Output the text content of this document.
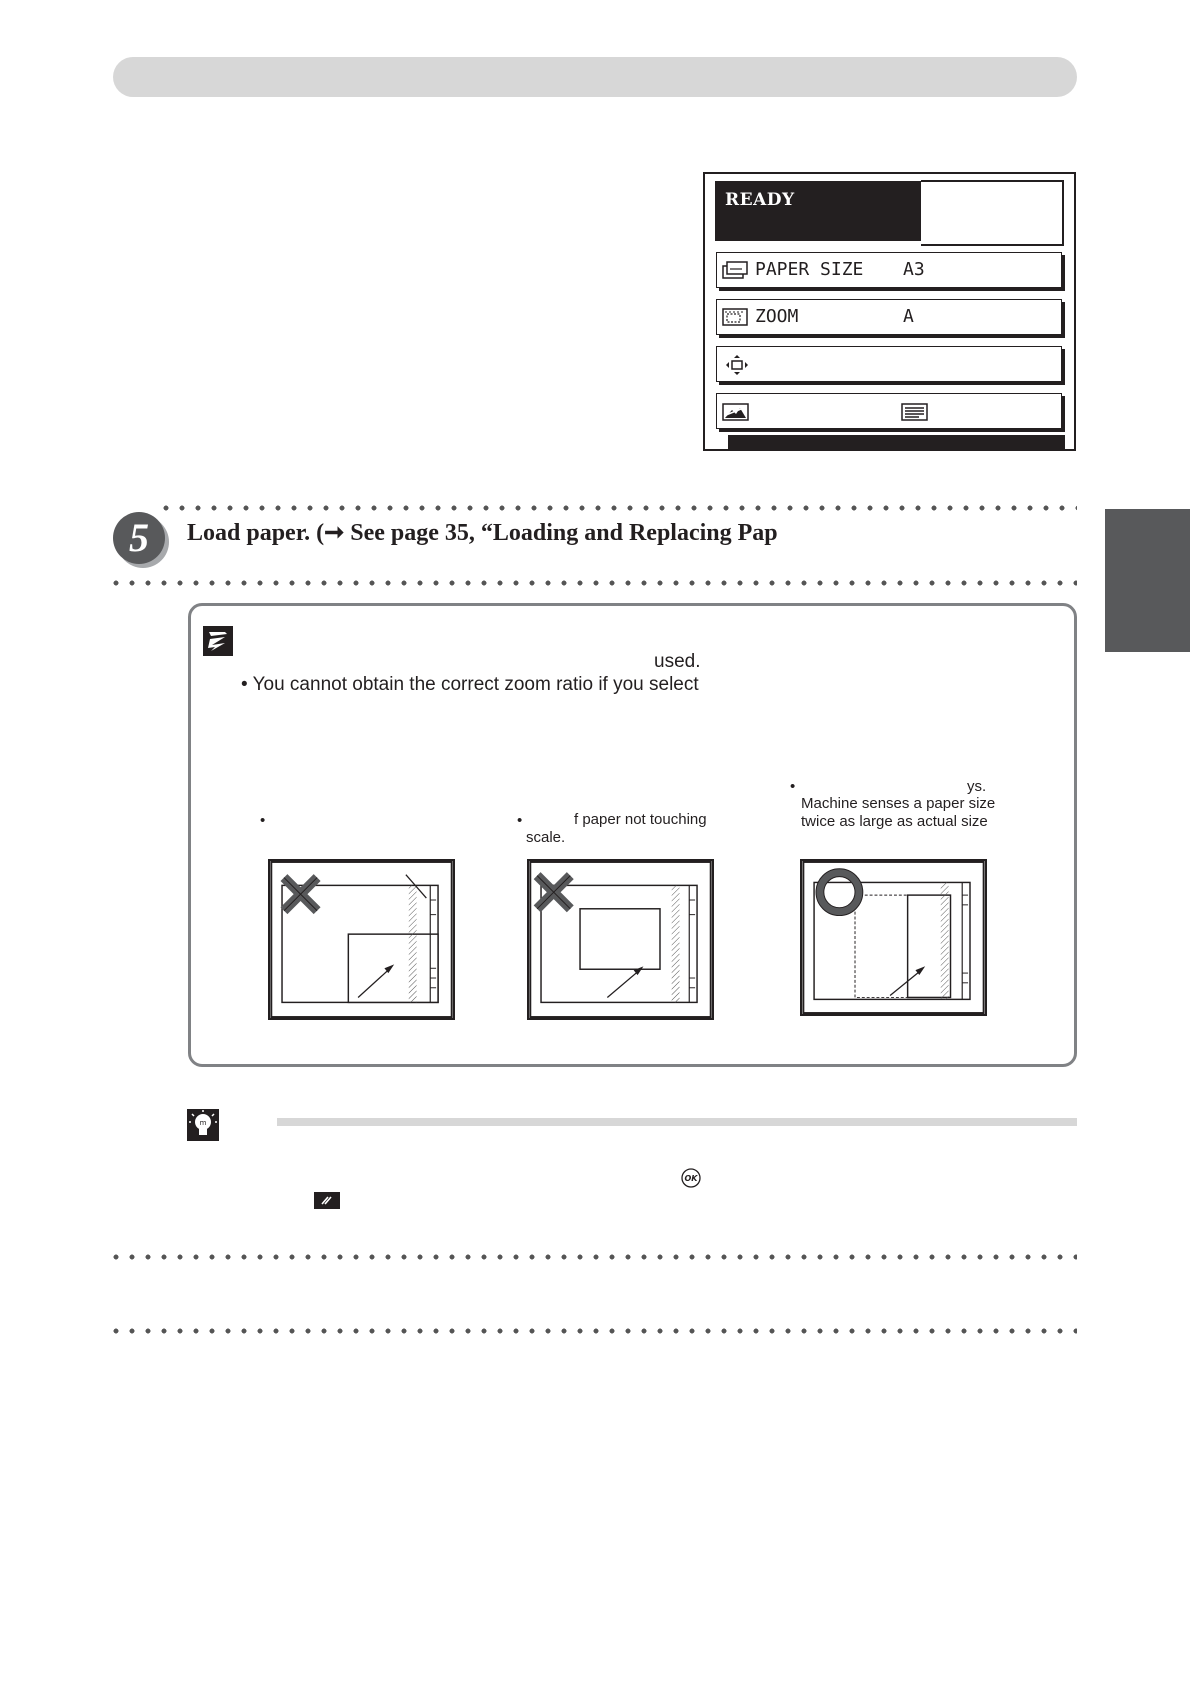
READY
PAPER SIZE A3
ZOOM	A
5	Load paper. (➞ See page 35, “Loading and Replacing Pap
used.
• You cannot obtain the correct zoom ratio if you select
•	•	f paper not touching
scale.
•	ys.
Machine senses a paper size
twice as large as actual size
m
OK
